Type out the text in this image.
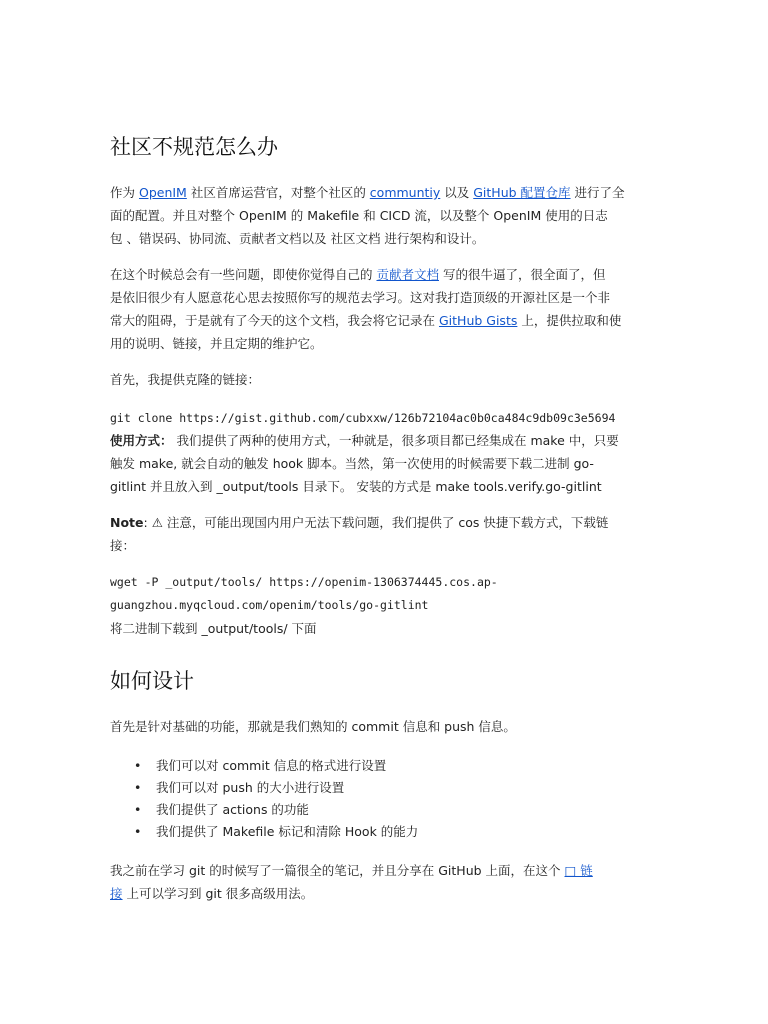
社区不规范怎么办
作为 OpenIM 社区首席运营官，对整个社区的 communtiy 以及 GitHub 配置仓库 进行了全
面的配置。并且对整个 OpenIM 的 Makefile 和 CICD 流，以及整个 OpenIM 使用的日志
包 、错误码、协同流、贡献者文档以及 社区文档 进行架构和设计。
在这个时候总会有一些问题，即使你觉得自己的 贡献者文档 写的很牛逼了，很全面了，但
是依旧很少有人愿意花心思去按照你写的规范去学习。这对我打造顶级的开源社区是一个非
常大的阻碍，于是就有了今天的这个文档，我会将它记录在 GitHub Gists 上，提供拉取和使
用的说明、链接，并且定期的维护它。
首先，我提供克隆的链接：
git clone https://gist.github.com/cubxxw/126b72104ac0b0ca484c9db09c3e5694
使用方式： 我们提供了两种的使用方式，一种就是，很多项目都已经集成在 make 中，只要
触发 make, 就会自动的触发 hook 脚本。当然，第一次使用的时候需要下载二进制 go-
gitlint 并且放入到 _output/tools 目录下。 安装的方式是 make tools.verify.go-gitlint
Note: ⚠ 注意，可能出现国内用户无法下载问题，我们提供了 cos 快捷下载方式，下载链
接：
wget -P _output/tools/ https://openim-1306374445.cos.ap-
guangzhou.myqcloud.com/openim/tools/go-gitlint
将二进制下载到 _output/tools/ 下面
如何设计
首先是针对基础的功能，那就是我们熟知的 commit 信息和 push 信息。
• 我们可以对 commit 信息的格式进行设置
• 我们可以对 push 的大小进行设置
• 我们提供了 actions 的功能
• 我们提供了 Makefile 标记和清除 Hook 的能力
我之前在学习 git 的时候写了一篇很全的笔记，并且分享在 GitHub 上面，在这个 □ 链
接 上可以学习到 git 很多高级用法。
